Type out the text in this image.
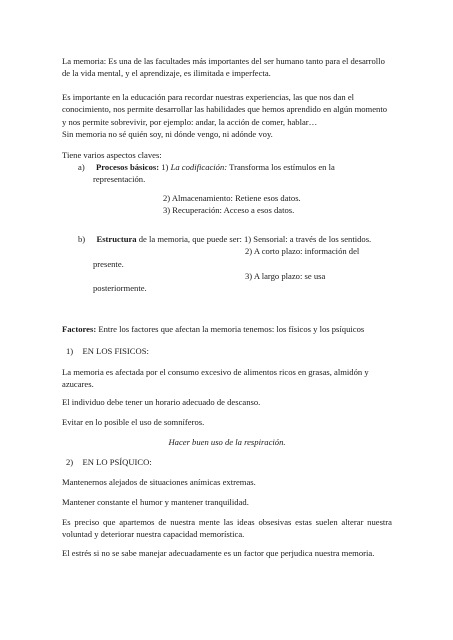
La memoria: Es una de las facultades más importantes del ser humano tanto para el desarrollo de la vida mental, y el aprendizaje, es ilimitada e imperfecta.

Es importante en la educación para recordar nuestras experiencias, las que nos dan el conocimiento, nos permite desarrollar las habilidades que hemos aprendido en algún momento y nos permite sobrevivir, por ejemplo: andar, la acción de comer, hablar…
Sin memoria no sé quién soy, ni dónde vengo, ni adónde voy.

Tiene varios aspectos claves:

a) Procesos básicos: 1) La codificación: Transforma los estímulos en la
representación.
2) Almacenamiento: Retiene esos datos.
3) Recuperación: Acceso a esos datos.
b) Estructura de la memoria, que puede ser: 1) Sensorial: a través de los sentidos.
2) A corto plazo: información del
presente.
3) A largo plazo: se usa
posteriormente.

Factores: Entre los factores que afectan la memoria tenemos: los físicos y los psíquicos

1) EN LOS FISICOS:

La memoria es afectada por el consumo excesivo de alimentos ricos en grasas, almidón y azucares.

El individuo debe tener un horario adecuado de descanso.

Evitar en lo posible el uso de somníferos.

Hacer buen uso de la respiración.

2) EN LO PSÍQUICO:

Mantenernos alejados de situaciones anímicas extremas.

Mantener constante el humor y mantener tranquilidad.

Es preciso que apartemos de nuestra mente las ideas obsesivas estas suelen alterar nuestra voluntad y deteriorar nuestra capacidad memorística.

El estrés si no se sabe manejar adecuadamente es un factor que perjudica nuestra memoria.
